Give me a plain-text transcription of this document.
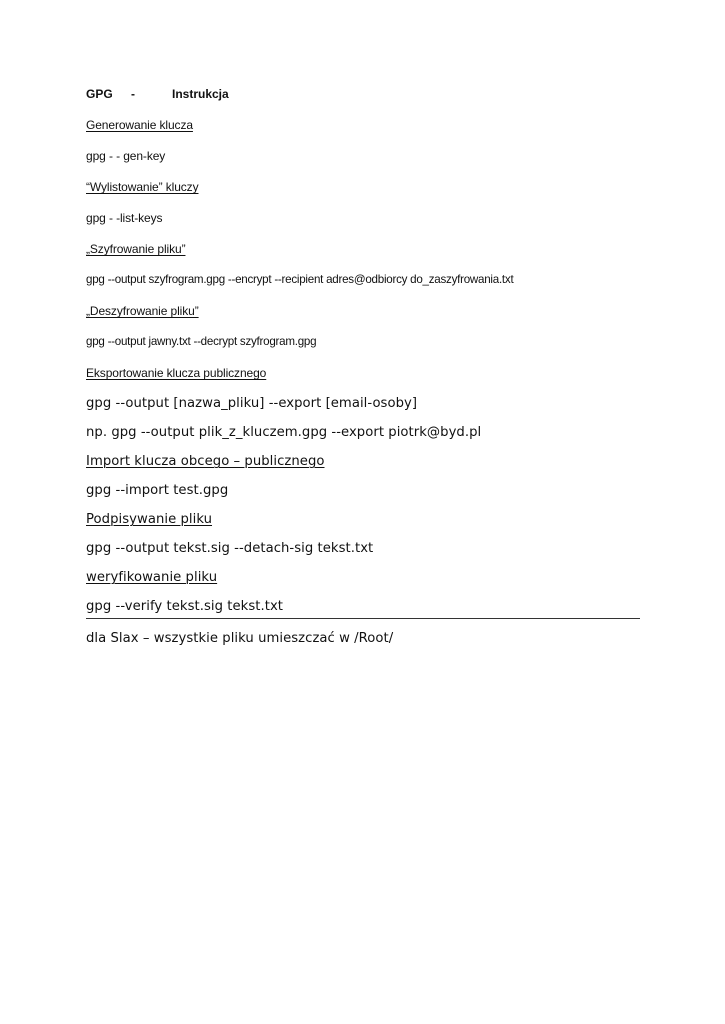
GPG -	Instrukcja
Generowanie klucza
gpg - - gen-key
“Wylistowanie” kluczy
gpg - -list-keys
„Szyfrowanie pliku”
gpg --output szyfrogram.gpg --encrypt --recipient adres@odbiorcy do_zaszyfrowania.txt
„Deszyfrowanie pliku”
gpg --output jawny.txt --decrypt szyfrogram.gpg
Eksportowanie klucza publicznego
gpg --output [nazwa_pliku] --export [email-osoby]
np. gpg --output plik_z_kluczem.gpg --export piotrk@byd.pl
Import klucza obcego – publicznego
gpg --import test.gpg
Podpisywanie pliku
gpg --output tekst.sig --detach-sig tekst.txt
weryfikowanie pliku
gpg --verify tekst.sig tekst.txt
dla Slax – wszystkie pliku umieszczać w /Root/
